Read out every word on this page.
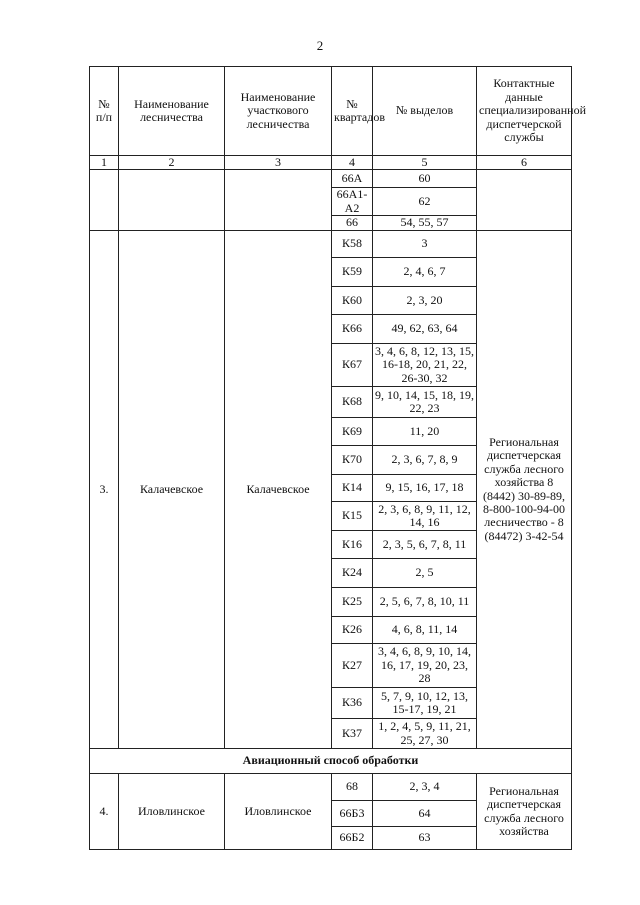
2
№ п/п	Наименование лесничества	Наименование участкового лесничества	№ квартадов	№ выделов	Контактные данные специализированной диспетчерской службы
1	2	3	4	5	6
			66А	60	
			66А1-А2	62	
			66	54, 55, 57	
3.	Калачевское	Калачевское	К58	3	Региональная диспетчерская служба лесного хозяйства 8 (8442) 30-89-89, 8-800-100-94-00 лесничество - 8 (84472) 3-42-54
			К59	2, 4, 6, 7	
			К60	2, 3, 20	
			К66	49, 62, 63, 64	
			К67	3, 4, 6, 8, 12, 13, 15, 16-18, 20, 21, 22, 26-30, 32	
			К68	9, 10, 14, 15, 18, 19, 22, 23	
			К69	11, 20	
			К70	2, 3, 6, 7, 8, 9	
			К14	9, 15, 16, 17, 18	
			К15	2, 3, 6, 8, 9, 11, 12, 14, 16	
			К16	2, 3, 5, 6, 7, 8, 11	
			К24	2, 5	
			К25	2, 5, 6, 7, 8, 10, 11	
			К26	4, 6, 8, 11, 14	
			К27	3, 4, 6, 8, 9, 10, 14, 16, 17, 19, 20, 23, 28	
			К36	5, 7, 9, 10, 12, 13, 15-17, 19, 21	
			К37	1, 2, 4, 5, 9, 11, 21, 25, 27, 30	
Авиационный способ обработки					
4.	Иловлинское	Иловлинское	68	2, 3, 4	Региональная диспетчерская служба лесного хозяйства
			66Б3	64	
			66Б2	63	
